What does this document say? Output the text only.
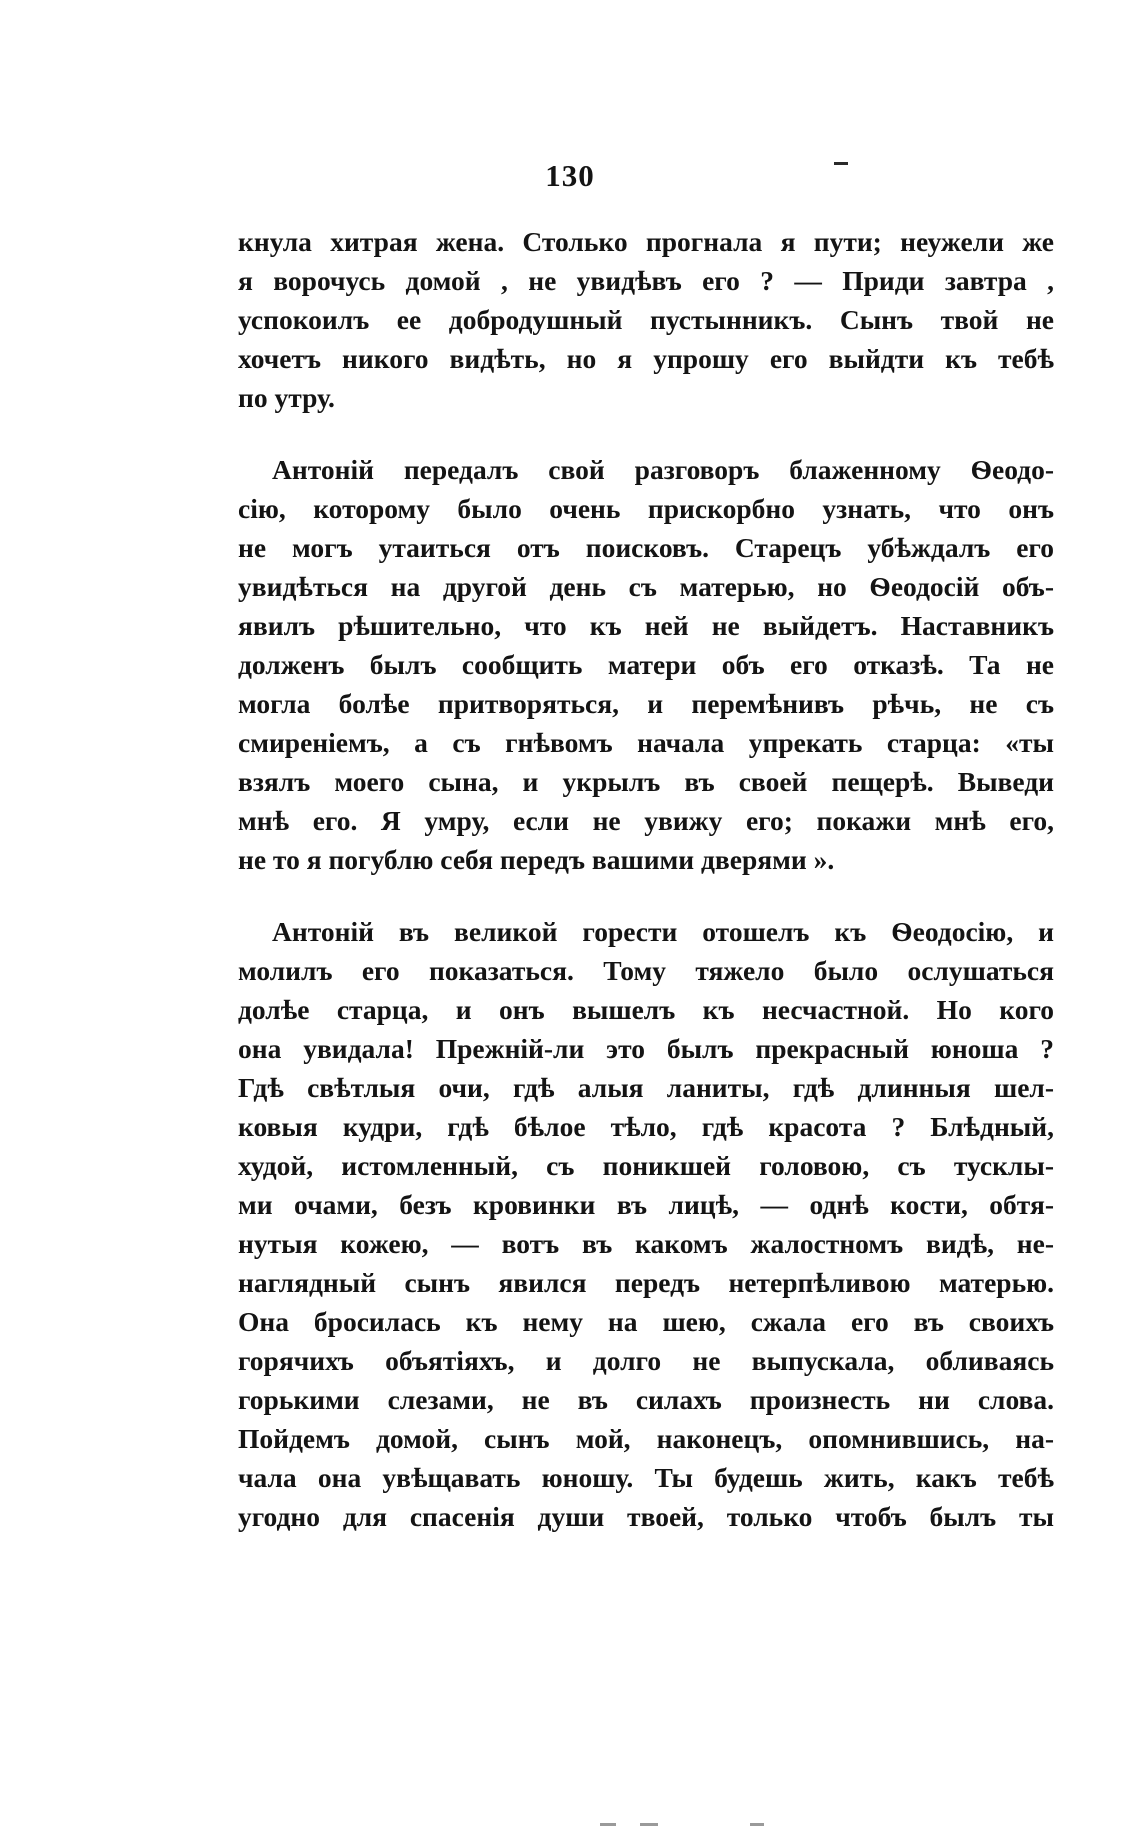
130
кнула хитрая жена. Столько прогнала я пути; неужели же
я ворочусь домой , не увидѣвъ его ? — Приди завтра ,
успокоилъ ее добродушный пустынникъ. Сынъ твой не
хочетъ никого видѣть, но я упрошу его выйдти къ тебѣ
по утру.
Антоній передалъ свой разговоръ блаженному Ѳеодо-
сію, которому было очень прискорбно узнать, что онъ
не могъ утаиться отъ поисковъ. Старецъ убѣждалъ его
увидѣться на другой день съ матерью, но Ѳеодосій объ-
явилъ рѣшительно, что къ ней не выйдетъ. Наставникъ
долженъ былъ сообщить матери объ его отказѣ. Та не
могла болѣе притворяться, и перемѣнивъ рѣчь, не съ
смиреніемъ, а съ гнѣвомъ начала упрекать старца: «ты
взялъ моего сына, и укрылъ въ своей пещерѣ. Выведи
мнѣ его. Я умру, если не увижу его; покажи мнѣ его,
не то я погублю себя передъ вашими дверями ».
Антоній въ великой горести отошелъ къ Ѳеодосію, и
молилъ его показаться. Тому тяжело было ослушаться
долѣе старца, и онъ вышелъ къ несчастной. Но кого
она увидала! Прежній-ли это былъ прекрасный юноша ?
Гдѣ свѣтлыя очи, гдѣ алыя ланиты, гдѣ длинныя шел-
ковыя кудри, гдѣ бѣлое тѣло, гдѣ красота ? Блѣдный,
худой, истомленный, съ поникшей головою, съ тусклы-
ми очами, безъ кровинки въ лицѣ, — однѣ кости, обтя-
нутыя кожею, — вотъ въ какомъ жалостномъ видѣ, не-
наглядный сынъ явился передъ нетерпѣливою матерью.
Она бросилась къ нему на шею, сжала его въ своихъ
горячихъ объятіяхъ, и долго не выпускала, обливаясь
горькими слезами, не въ силахъ произнесть ни слова.
Пойдемъ домой, сынъ мой, наконецъ, опомнившись, на-
чала она увѣщавать юношу. Ты будешь жить, какъ тебѣ
угодно для спасенія души твоей, только чтобъ былъ ты
